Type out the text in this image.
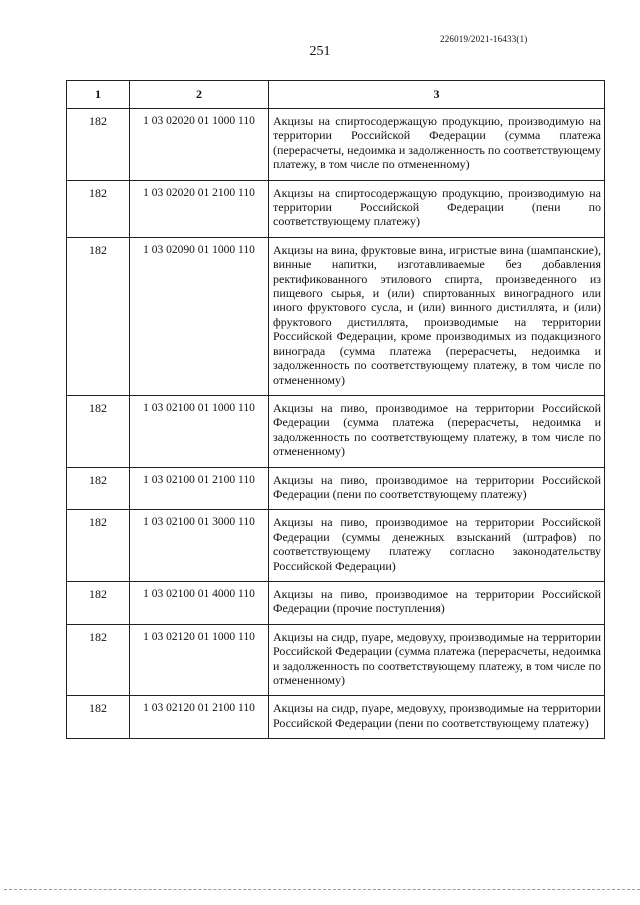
226019/2021-16433(1)
251
1	2	3
182	1 03 02020 01 1000 110	Акцизы на спиртосодержащую продукцию, производимую на территории Российской Федерации (сумма платежа (перерасчеты, недоимка и задолженность по соответствующему платежу, в том числе по отмененному)
182	1 03 02020 01 2100 110	Акцизы на спиртосодержащую продукцию, производимую на территории Российской Федерации (пени по соответствующему платежу)
182	1 03 02090 01 1000 110	Акцизы на вина, фруктовые вина, игристые вина (шампанские), винные напитки, изготавливаемые без добавления ректификованного этилового спирта, произведенного из пищевого сырья, и (или) спиртованных виноградного или иного фруктового сусла, и (или) винного дистиллята, и (или) фруктового дистиллята, производимые на территории Российской Федерации, кроме производимых из подакцизного винограда (сумма платежа (перерасчеты, недоимка и задолженность по соответствующему платежу, в том числе по отмененному)
182	1 03 02100 01 1000 110	Акцизы на пиво, производимое на территории Российской Федерации (сумма платежа (перерасчеты, недоимка и задолженность по соответствующему платежу, в том числе по отмененному)
182	1 03 02100 01 2100 110	Акцизы на пиво, производимое на территории Российской Федерации (пени по соответствующему платежу)
182	1 03 02100 01 3000 110	Акцизы на пиво, производимое на территории Российской Федерации (суммы денежных взысканий (штрафов) по соответствующему платежу согласно законодательству Российской Федерации)
182	1 03 02100 01 4000 110	Акцизы на пиво, производимое на территории Российской Федерации (прочие поступления)
182	1 03 02120 01 1000 110	Акцизы на сидр, пуаре, медовуху, производимые на территории Российской Федерации (сумма платежа (перерасчеты, недоимка и задолженность по соответствующему платежу, в том числе по отмененному)
182	1 03 02120 01 2100 110	Акцизы на сидр, пуаре, медовуху, производимые на территории Российской Федерации (пени по соответствующему платежу)
